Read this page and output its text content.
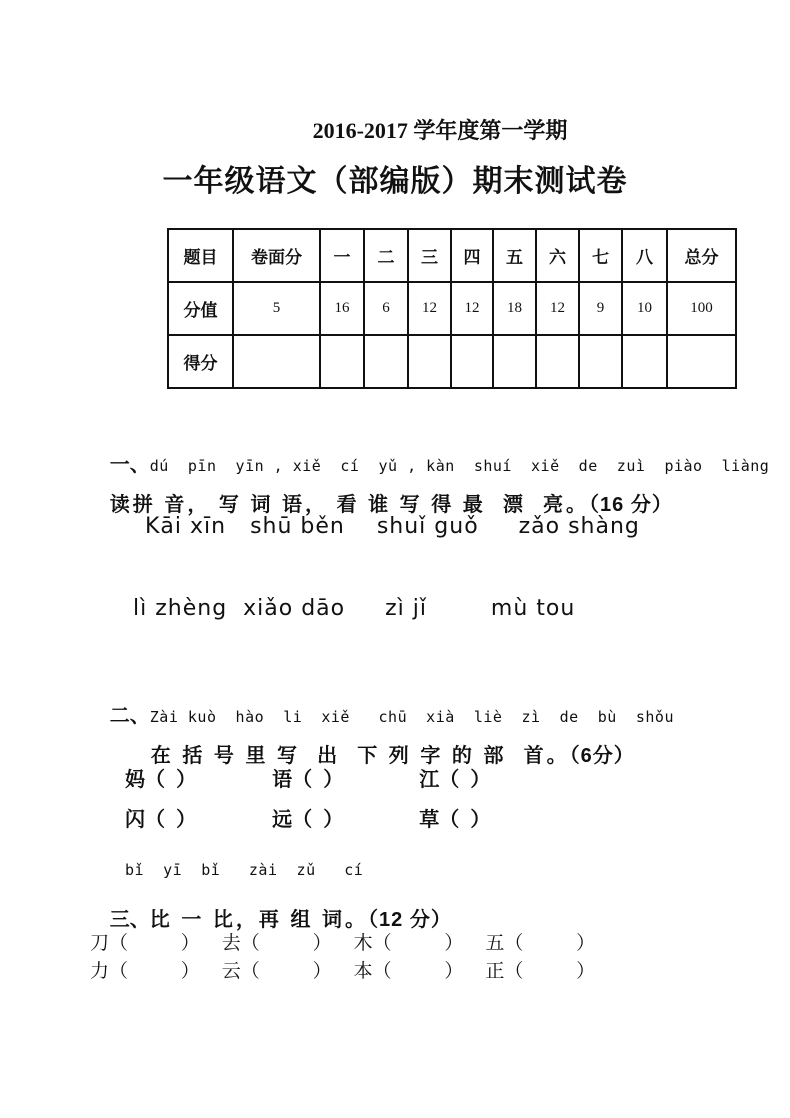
2016-2017 学年度第一学期
一年级语文（部编版）期末测试卷
题目	卷面分	一	二	三	四	五	六	七	八	总分
分值	5	16	6	12	12	18	12	9	10	100
得分										

一、dú  pīn  yīn , xiě  cí  yǔ , kàn  shuí  xiě  de  zuì  piào  liàng

读拼 音， 写 词 语， 看 谁 写 得 最  漂  亮。（16 分）

Kāi xīn   shū běn    shuǐ guǒ     zǎo shàng
lì zhèng  xiǎo dāo     zì jǐ        mù tou

二、Zài kuò  hào  li  xiě   chū  xià  liè  zì  de  bù  shǒu

在 括 号 里 写  出  下 列 字 的 部  首。（6分）

妈（  ）	语（  ）	江（  ）
闪（  ）	远（  ）	草（  ）
bǐ  yī  bǐ   zài  zǔ   cí

三、比 一 比，再 组 词。（12 分）

刀（          ） 去（          ） 木（          ） 五（          ）
力（          ） 云（          ） 本（          ） 正（          ）
